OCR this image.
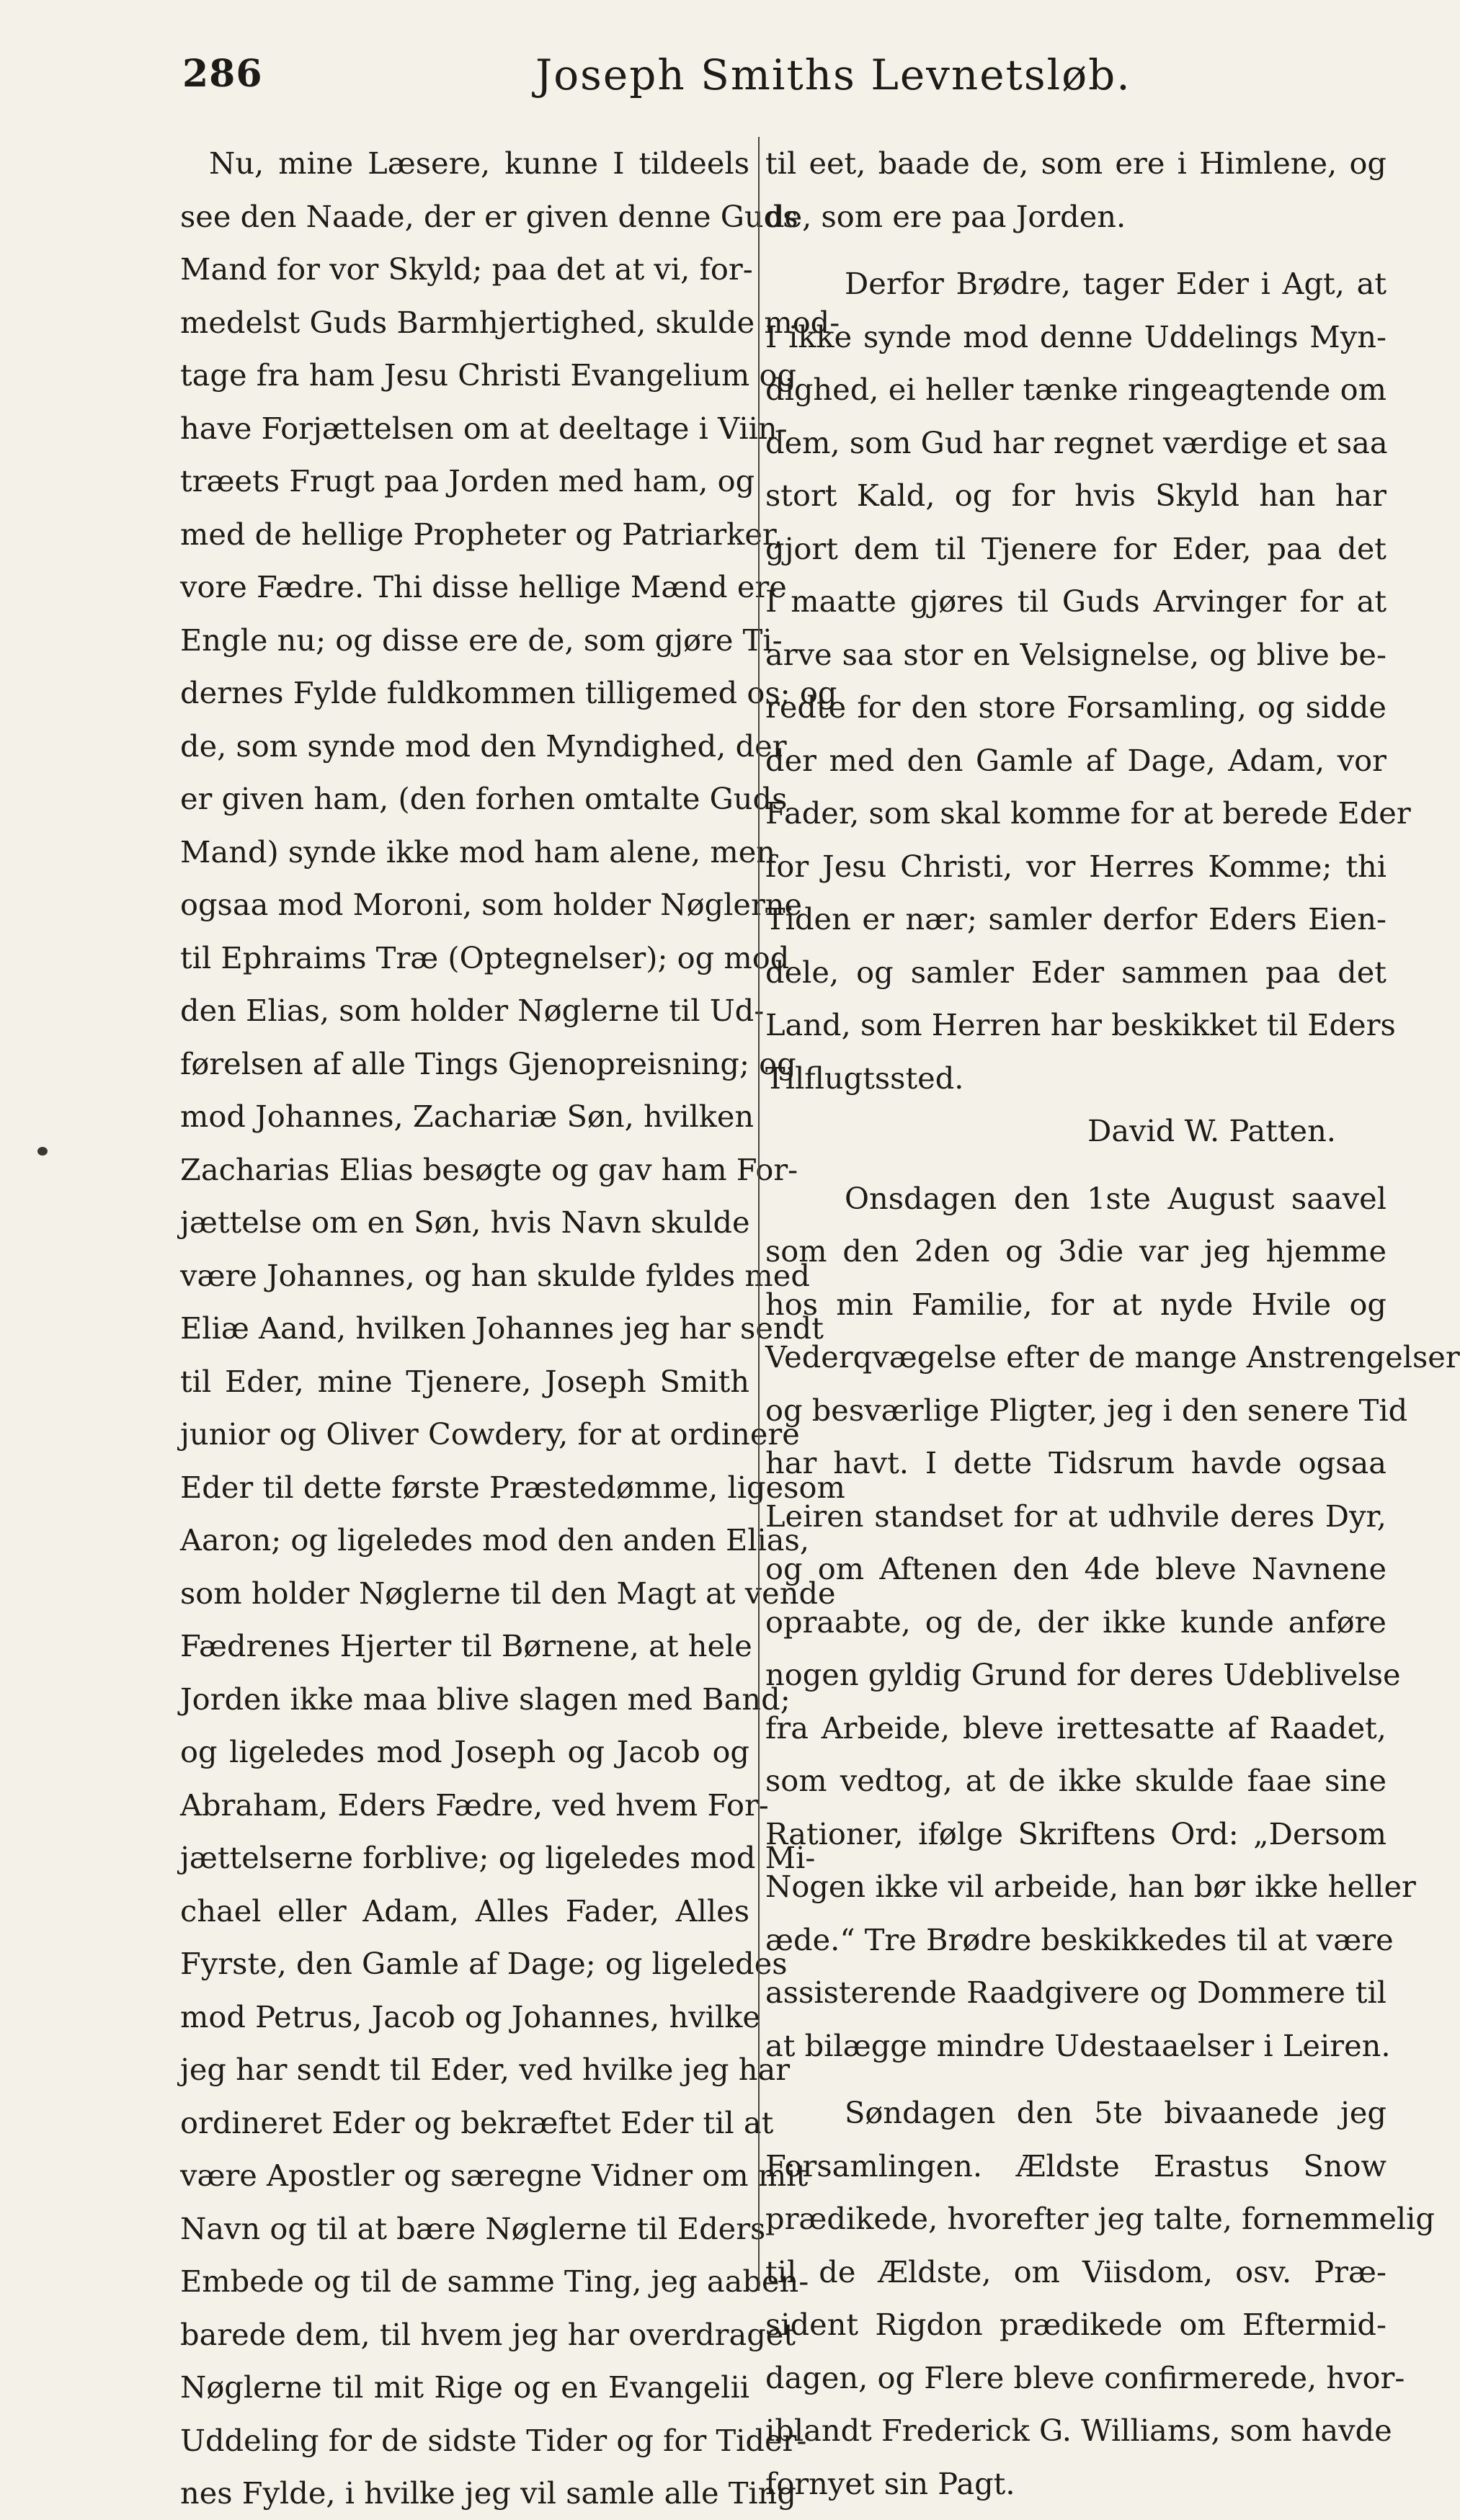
286	Joseph Smiths Levnetsløb.
Nu, mine Læsere, kunne I tildeels
see den Naade, der er given denne Guds
Mand for vor Skyld; paa det at vi, for-
medelst Guds Barmhjertighed, skulde mod-
tage fra ham Jesu Christi Evangelium og
have Forjættelsen om at deeltage i Viin-
træets Frugt paa Jorden med ham, og
med de hellige Propheter og Patriarker,
vore Fædre. Thi disse hellige Mænd ere
Engle nu; og disse ere de, som gjøre Ti-
dernes Fylde fuldkommen tilligemed os; og
de, som synde mod den Myndighed, der
er given ham, (den forhen omtalte Guds
Mand) synde ikke mod ham alene, men
ogsaa mod Moroni, som holder Nøglerne
til Ephraims Træ (Optegnelser); og mod
den Elias, som holder Nøglerne til Ud-
førelsen af alle Tings Gjenopreisning; og
mod Johannes, Zachariæ Søn, hvilken
Zacharias Elias besøgte og gav ham For-
jættelse om en Søn, hvis Navn skulde
være Johannes, og han skulde fyldes med
Eliæ Aand, hvilken Johannes jeg har sendt
til Eder, mine Tjenere, Joseph Smith
junior og Oliver Cowdery, for at ordinere
Eder til dette første Præstedømme, ligesom
Aaron; og ligeledes mod den anden Elias,
som holder Nøglerne til den Magt at vende
Fædrenes Hjerter til Børnene, at hele
Jorden ikke maa blive slagen med Band;
og ligeledes mod Joseph og Jacob og
Abraham, Eders Fædre, ved hvem For-
jættelserne forblive; og ligeledes mod Mi-
chael eller Adam, Alles Fader, Alles
Fyrste, den Gamle af Dage; og ligeledes
mod Petrus, Jacob og Johannes, hvilke
jeg har sendt til Eder, ved hvilke jeg har
ordineret Eder og bekræftet Eder til at
være Apostler og særegne Vidner om mit
Navn og til at bære Nøglerne til Eders
Embede og til de samme Ting, jeg aaben-
barede dem, til hvem jeg har overdraget
Nøglerne til mit Rige og en Evangelii
Uddeling for de sidste Tider og for Tider-
nes Fylde, i hvilke jeg vil samle alle Ting
til eet, baade de, som ere i Himlene, og
de, som ere paa Jorden.
Derfor Brødre, tager Eder i Agt, at
I ikke synde mod denne Uddelings Myn-
dighed, ei heller tænke ringeagtende om
dem, som Gud har regnet værdige et saa
stort Kald, og for hvis Skyld han har
gjort dem til Tjenere for Eder, paa det
I maatte gjøres til Guds Arvinger for at
arve saa stor en Velsignelse, og blive be-
redte for den store Forsamling, og sidde
der med den Gamle af Dage, Adam, vor
Fader, som skal komme for at berede Eder
for Jesu Christi, vor Herres Komme; thi
Tiden er nær; samler derfor Eders Eien-
dele, og samler Eder sammen paa det
Land, som Herren har beskikket til Eders
Tilflugtssted.
David W. Patten.
Onsdagen den 1ste August saavel
som den 2den og 3die var jeg hjemme
hos min Familie, for at nyde Hvile og
Vederqvægelse efter de mange Anstrengelser
og besværlige Pligter, jeg i den senere Tid
har havt. I dette Tidsrum havde ogsaa
Leiren standset for at udhvile deres Dyr,
og om Aftenen den 4de bleve Navnene
opraabte, og de, der ikke kunde anføre
nogen gyldig Grund for deres Udeblivelse
fra Arbeide, bleve irettesatte af Raadet,
som vedtog, at de ikke skulde faae sine
Rationer, ifølge Skriftens Ord: „Dersom
Nogen ikke vil arbeide, han bør ikke heller
æde.“ Tre Brødre beskikkedes til at være
assisterende Raadgivere og Dommere til
at bilægge mindre Udestaaelser i Leiren.
Søndagen den 5te bivaanede jeg
Forsamlingen. Ældste Erastus Snow
prædikede, hvorefter jeg talte, fornemmelig
til de Ældste, om Viisdom, osv. Præ-
sident Rigdon prædikede om Eftermid-
dagen, og Flere bleve confirmerede, hvor-
iblandt Frederick G. Williams, som havde
fornyet sin Pagt.
